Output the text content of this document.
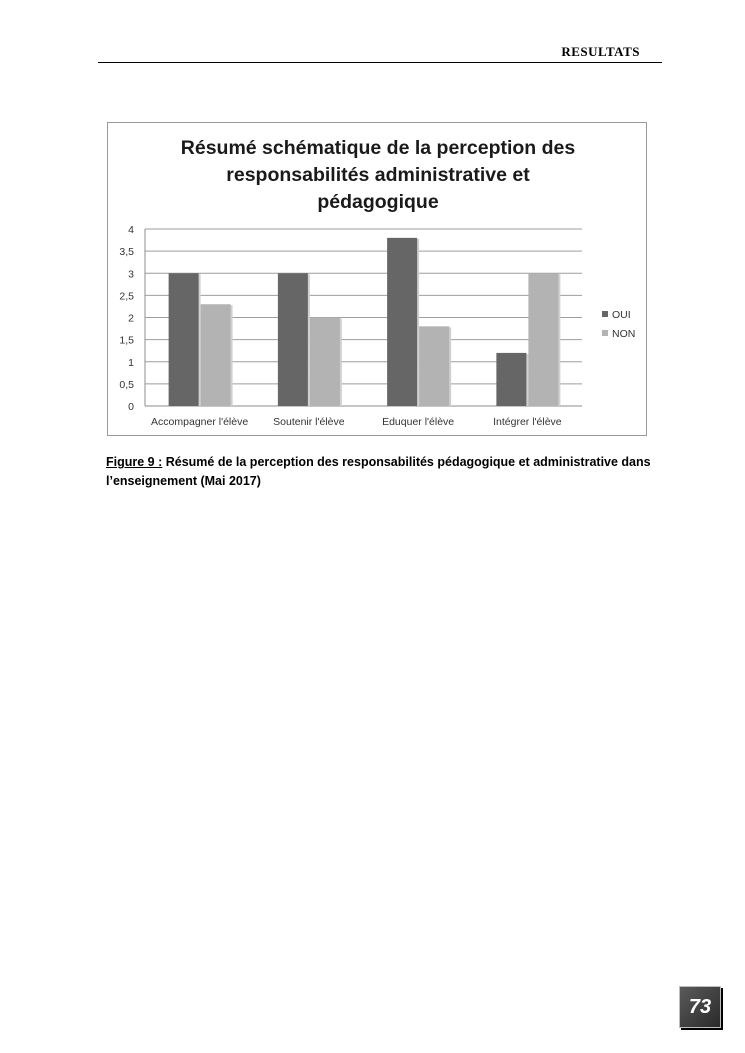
RESULTATS
Résumé schématique de la perception des
responsabilités administrative et
pédagogique
0
0,5
1
1,5
2
2,5
3
3,5
4
Accompagner l'élève Soutenir l'élève	Eduquer l'élève	Intégrer l'élève
OUI
NON
Figure 9 : Résumé de la perception des responsabilités pédagogique et administrative dans l’enseignement (Mai 2017)
73
